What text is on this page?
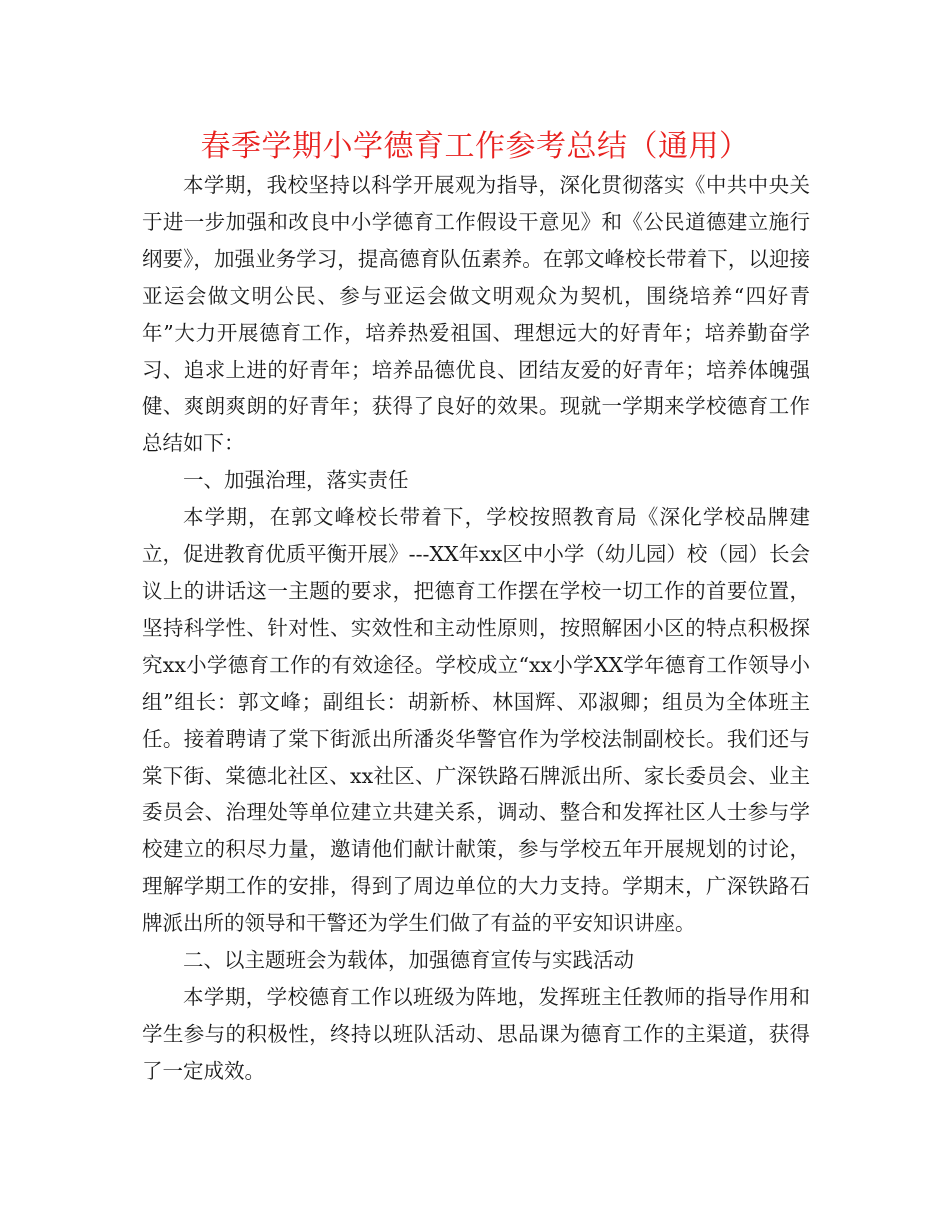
春季学期小学德育工作参考总结（通用）

本学期，我校坚持以科学开展观为指导，深化贯彻落实《中共中央关于进一步加强和改良中小学德育工作假设干意见》和《公民道德建立施行纲要》，加强业务学习，提高德育队伍素养。在郭文峰校长带着下，以迎接亚运会做文明公民、参与亚运会做文明观众为契机，围绕培养“四好青年”大力开展德育工作，培养热爱祖国、理想远大的好青年；培养勤奋学习、追求上进的好青年；培养品德优良、团结友爱的好青年；培养体魄强健、爽朗爽朗的好青年；获得了良好的效果。现就一学期来学校德育工作总结如下：

一、加强治理，落实责任

本学期，在郭文峰校长带着下，学校按照教育局《深化学校品牌建立，促进教育优质平衡开展》---XX年xx区中小学（幼儿园）校（园）长会议上的讲话这一主题的要求，把德育工作摆在学校一切工作的首要位置，坚持科学性、针对性、实效性和主动性原则，按照解困小区的特点积极探究xx小学德育工作的有效途径。学校成立“xx小学XX学年德育工作领导小组”组长：郭文峰；副组长：胡新桥、林国辉、邓淑卿；组员为全体班主任。接着聘请了棠下街派出所潘炎华警官作为学校法制副校长。我们还与棠下街、棠德北社区、xx社区、广深铁路石牌派出所、家长委员会、业主委员会、治理处等单位建立共建关系，调动、整合和发挥社区人士参与学校建立的积尽力量，邀请他们献计献策，参与学校五年开展规划的讨论，理解学期工作的安排，得到了周边单位的大力支持。学期末，广深铁路石牌派出所的领导和干警还为学生们做了有益的平安知识讲座。

二、以主题班会为载体，加强德育宣传与实践活动

本学期，学校德育工作以班级为阵地，发挥班主任教师的指导作用和学生参与的积极性，终持以班队活动、思品课为德育工作的主渠道，获得了一定成效。
